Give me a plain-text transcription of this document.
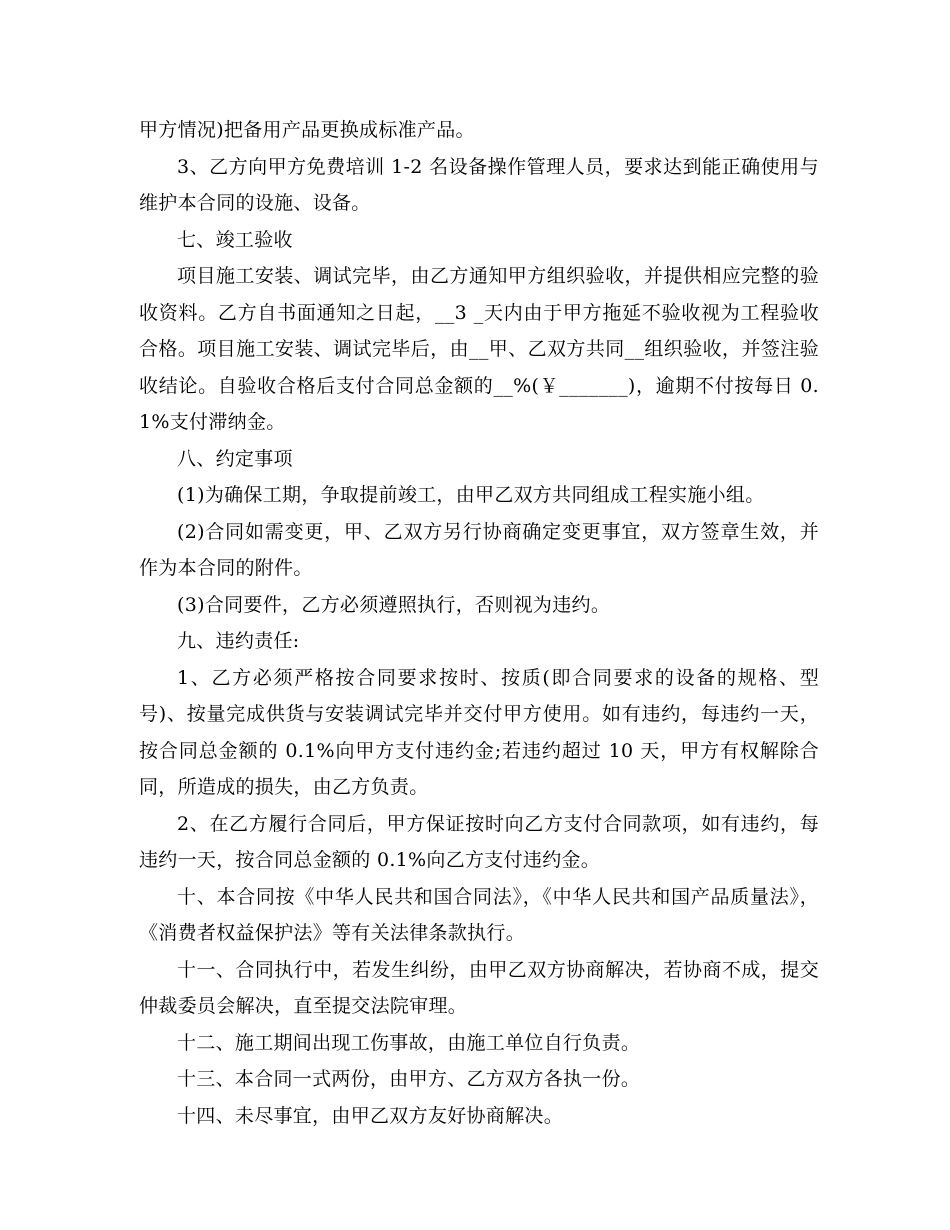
甲方情况)把备用产品更换成标准产品。

3、乙方向甲方免费培训 1-2 名设备操作管理人员，要求达到能正确使用与维护本合同的设施、设备。

七、竣工验收

项目施工安装、调试完毕，由乙方通知甲方组织验收，并提供相应完整的验收资料。乙方自书面通知之日起，__3 _天内由于甲方拖延不验收视为工程验收合格。项目施工安装、调试完毕后，由__甲、乙双方共同__组织验收，并签注验收结论。自验收合格后支付合同总金额的__%(￥_______)，逾期不付按每日 0.1%支付滞纳金。

八、约定事项

(1)为确保工期，争取提前竣工，由甲乙双方共同组成工程实施小组。

(2)合同如需变更，甲、乙双方另行协商确定变更事宜，双方签章生效，并作为本合同的附件。

(3)合同要件，乙方必须遵照执行，否则视为违约。

九、违约责任:

1、乙方必须严格按合同要求按时、按质(即合同要求的设备的规格、型号)、按量完成供货与安装调试完毕并交付甲方使用。如有违约，每违约一天，按合同总金额的 0.1%向甲方支付违约金;若违约超过 10 天，甲方有权解除合同，所造成的损失，由乙方负责。

2、在乙方履行合同后，甲方保证按时向乙方支付合同款项，如有违约，每违约一天，按合同总金额的 0.1%向乙方支付违约金。

十、本合同按《中华人民共和国合同法》，《中华人民共和国产品质量法》，《消费者权益保护法》等有关法律条款执行。

十一、合同执行中，若发生纠纷，由甲乙双方协商解决，若协商不成，提交仲裁委员会解决，直至提交法院审理。

十二、施工期间出现工伤事故，由施工单位自行负责。

十三、本合同一式两份，由甲方、乙方双方各执一份。

十四、未尽事宜，由甲乙双方友好协商解决。
